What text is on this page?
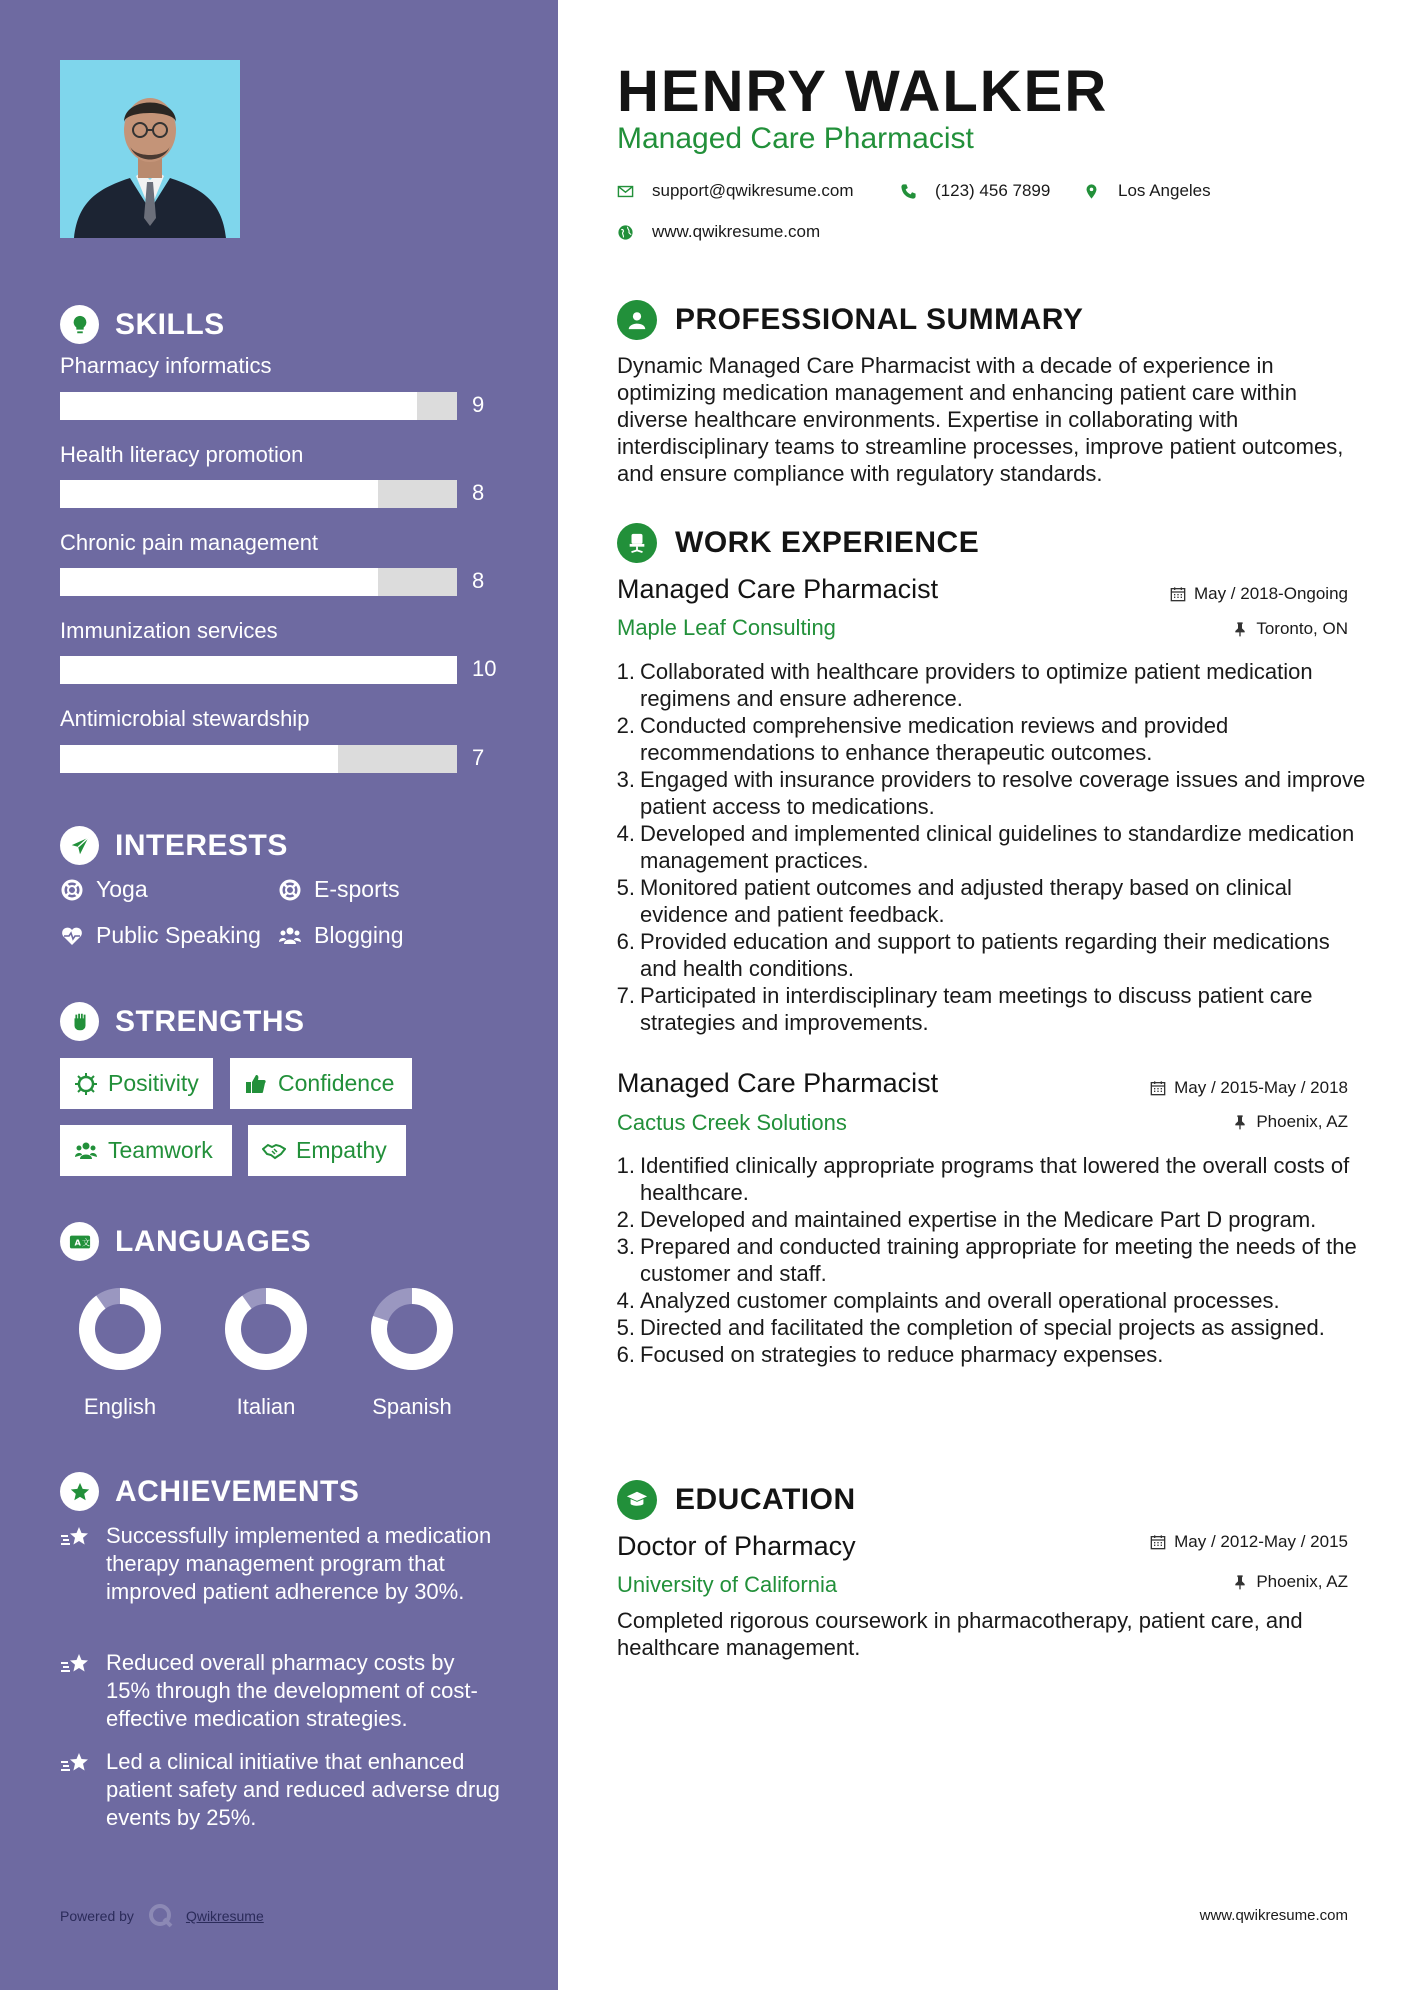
SKILLS
Pharmacy informatics
9
Health literacy promotion
8
Chronic pain management
8
Immunization services
10
Antimicrobial stewardship
7
INTERESTS
Yoga	E-sports
Public Speaking Blogging
STRENGTHS
Positivity	Confidence
Teamwork	Empathy
A 文 LANGUAGES
English	Italian	Spanish
ACHIEVEMENTS
Successfully implemented a medication therapy management program that improved patient adherence by 30%.
Reduced overall pharmacy costs by 15% through the development of cost-effective medication strategies.
Led a clinical initiative that enhanced patient safety and reduced adverse drug events by 25%.
Powered by	Qwikresume
HENRY WALKER
Managed Care Pharmacist
support@qwikresume.com	(123) 456 7899	Los Angeles
www.qwikresume.com
PROFESSIONAL SUMMARY
Dynamic Managed Care Pharmacist with a decade of experience in optimizing medication management and enhancing patient care within diverse healthcare environments. Expertise in collaborating with interdisciplinary teams to streamline processes, improve patient outcomes, and ensure compliance with regulatory standards.
WORK EXPERIENCE
Managed Care Pharmacist	May / 2018-Ongoing
Maple Leaf Consulting	Toronto, ON
1. Collaborated with healthcare providers to optimize patient medication regimens and ensure adherence.
2. Conducted comprehensive medication reviews and provided recommendations to enhance therapeutic outcomes.
3. Engaged with insurance providers to resolve coverage issues and improve patient access to medications.
4. Developed and implemented clinical guidelines to standardize medication management practices.
5. Monitored patient outcomes and adjusted therapy based on clinical evidence and patient feedback.
6. Provided education and support to patients regarding their medications and health conditions.
7. Participated in interdisciplinary team meetings to discuss patient care strategies and improvements.
Managed Care Pharmacist	May / 2015-May / 2018
Cactus Creek Solutions	Phoenix, AZ
1. Identified clinically appropriate programs that lowered the overall costs of healthcare.
2. Developed and maintained expertise in the Medicare Part D program.
3. Prepared and conducted training appropriate for meeting the needs of the customer and staff.
4. Analyzed customer complaints and overall operational processes.
5. Directed and facilitated the completion of special projects as assigned.
6. Focused on strategies to reduce pharmacy expenses.
EDUCATION
Doctor of Pharmacy	May / 2012-May / 2015
University of California	Phoenix, AZ
Completed rigorous coursework in pharmacotherapy, patient care, and healthcare management.
www.qwikresume.com
